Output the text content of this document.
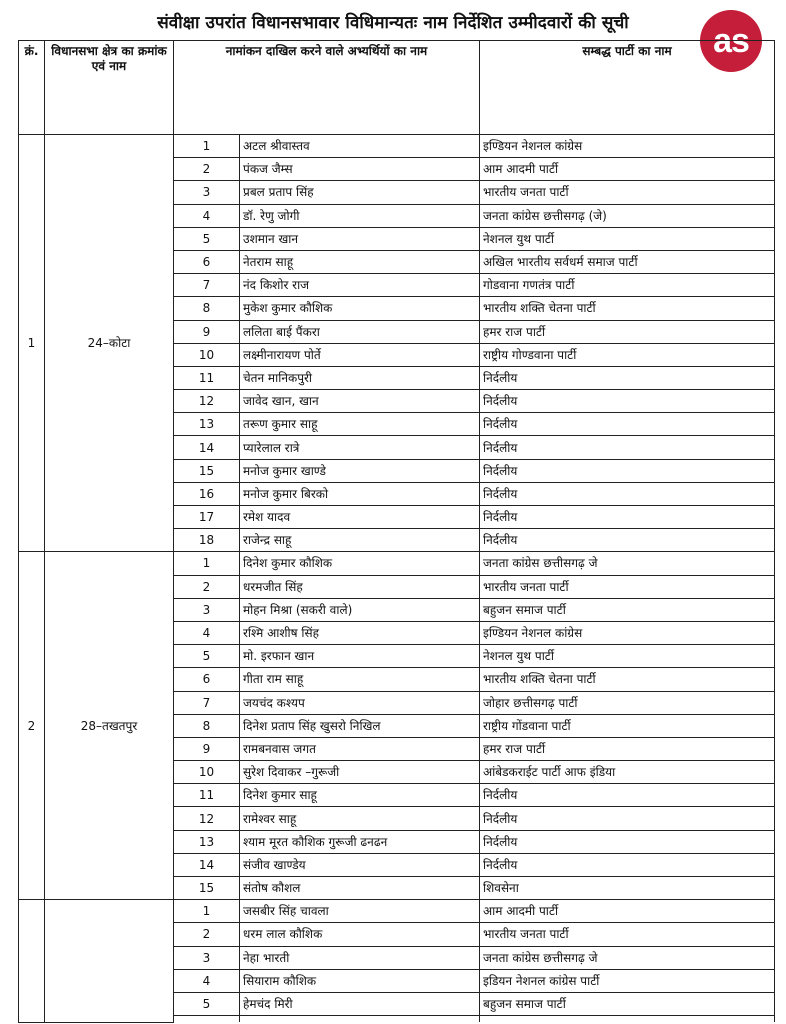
संवीक्षा उपरांत विधानसभावार विधिमान्यतः नाम निर्देशित उम्मीदवारों की सूची	as
क्रं.	विधानसभा क्षेत्र का क्रमांक एवं नाम	नामांकन दाखिल करने वाले अभ्यर्थियों का नाम		सम्बद्ध पार्टी का नाम
1	24–कोटा	1	अटल श्रीवास्तव	इण्डियन नेशनल कांग्रेस
		2	पंकज जैम्स	आम आदमी पार्टी
		3	प्रबल प्रताप सिंह	भारतीय जनता पार्टी
		4	डॉ. रेणु जोगी	जनता कांग्रेस छत्तीसगढ़ (जे)
		5	उशमान खान	नेशनल युथ पार्टी
		6	नेतराम साहू	अखिल भारतीय सर्वधर्म समाज पार्टी
		7	नंद किशोर राज	गोडवाना गणतंत्र पार्टी
		8	मुकेश कुमार कौशिक	भारतीय शक्ति चेतना पार्टी
		9	ललिता बाई पैंकरा	हमर राज पार्टी
		10	लक्ष्मीनारायण पोर्ते	राष्ट्रीय गोण्डवाना पार्टी
		11	चेतन मानिकपुरी	निर्दलीय
		12	जावेद खान, खान	निर्दलीय
		13	तरूण कुमार साहू	निर्दलीय
		14	प्यारेलाल रात्रे	निर्दलीय
		15	मनोज कुमार खाण्डे	निर्दलीय
		16	मनोज कुमार बिरको	निर्दलीय
		17	रमेश यादव	निर्दलीय
		18	राजेन्द्र साहू	निर्दलीय
2	28–तखतपुर	1	दिनेश कुमार कौशिक	जनता कांग्रेस छत्तीसगढ़ जे
		2	धरमजीत सिंह	भारतीय जनता पार्टी
		3	मोहन मिश्रा (सकरी वाले)	बहुजन समाज पार्टी
		4	रश्मि आशीष सिंह	इण्डियन नेशनल कांग्रेस
		5	मो. इरफान खान	नेशनल युथ पार्टी
		6	गीता राम साहू	भारतीय शक्ति चेतना पार्टी
		7	जयचंद कश्यप	जोहार छत्तीसगढ़ पार्टी
		8	दिनेश प्रताप सिंह खुसरो निखिल	राष्ट्रीय गोंडवाना पार्टी
		9	रामबनवास जगत	हमर राज पार्टी
		10	सुरेश दिवाकर –गुरूजी	आंबेडकराईट पार्टी आफ इंडिया
		11	दिनेश कुमार साहू	निर्दलीय
		12	रामेश्वर साहू	निर्दलीय
		13	श्याम मूरत कौशिक गुरूजी ढनढन	निर्दलीय
		14	संजीव खाण्डेय	निर्दलीय
		15	संतोष कौशल	शिवसेना
		1	जसबीर सिंह चावला	आम आदमी पार्टी
		2	धरम लाल कौशिक	भारतीय जनता पार्टी
		3	नेहा भारती	जनता कांग्रेस छत्तीसगढ़ जे
		4	सियाराम कौशिक	इडियन नेशनल कांग्रेस पार्टी
		5	हेमचंद मिरी	बहुजन समाज पार्टी
